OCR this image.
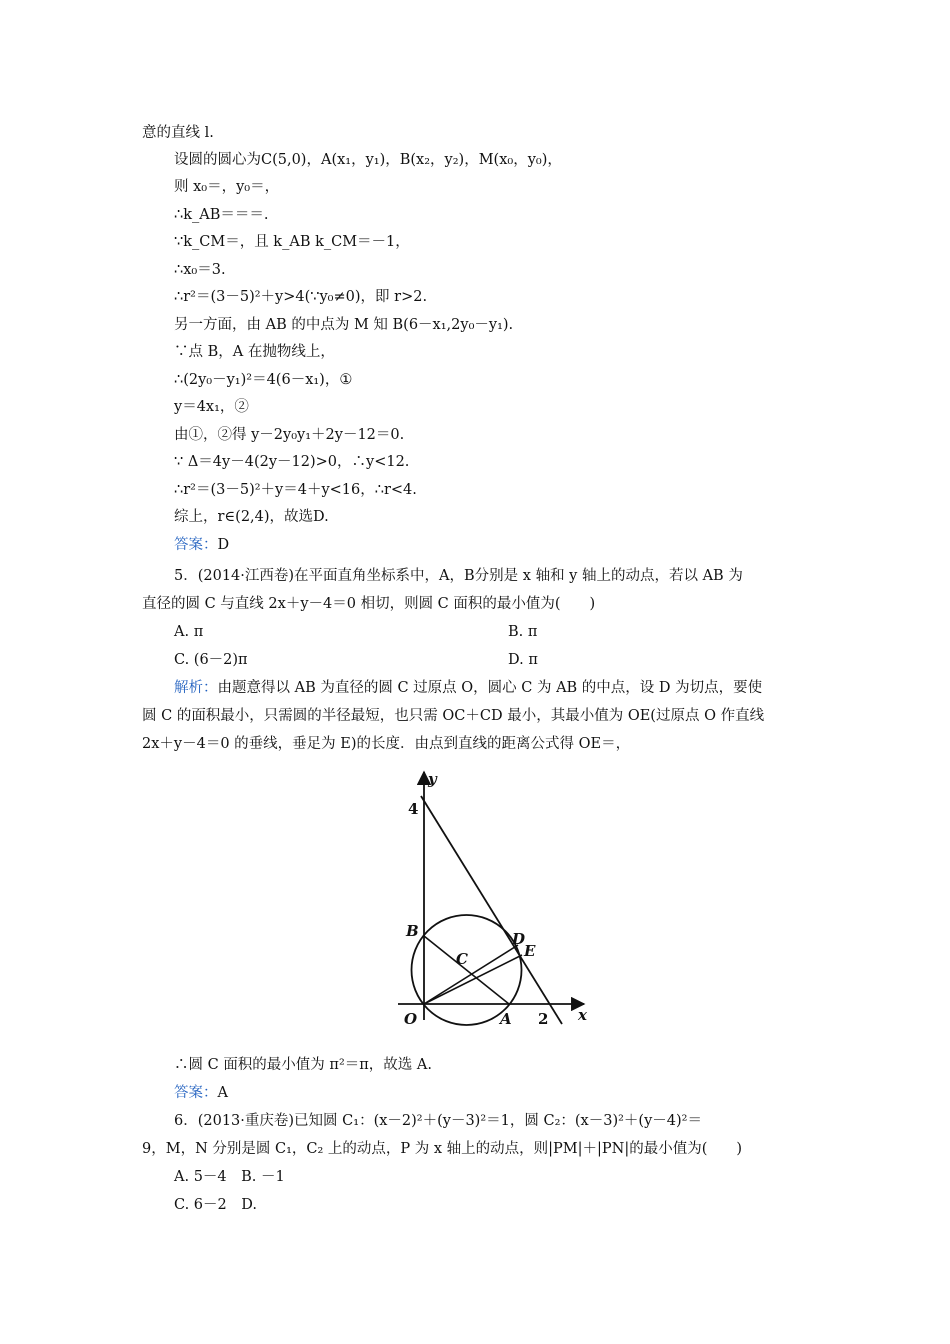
意的直线 l.
设圆的圆心为C(5,0)，A(x₁，y₁)，B(x₂，y₂)，M(x₀，y₀)，
则 x₀＝，y₀＝，
∴k_AB＝＝＝.
∵k_CM＝，且 k_AB k_CM＝－1，
∴x₀＝3.
∴r²＝(3－5)²＋y>4(∵y₀≠0)，即 r>2.
另一方面，由 AB 的中点为 M 知 B(6－x₁,2y₀－y₁).
∵点 B，A 在抛物线上，
∴(2y₀－y₁)²＝4(6－x₁)，①
y＝4x₁，②
由①，②得 y－2y₀y₁＋2y－12＝0.
∵ Δ＝4y－4(2y－12)>0，∴y<12.
∴r²＝(3－5)²＋y＝4＋y<16，∴r<4.
综上，r∈(2,4)，故选D.
答案：D
5．(2014·江西卷)在平面直角坐标系中，A，B分别是 x 轴和 y 轴上的动点，若以 AB 为
直径的圆 C 与直线 2x＋y－4＝0 相切，则圆 C 面积的最小值为(　　)
A. π	B. π
C. (6－2)π	D. π
解析：由题意得以 AB 为直径的圆 C 过原点 O，圆心 C 为 AB 的中点，设 D 为切点，要使
圆 C 的面积最小，只需圆的半径最短，也只需 OC＋CD 最小，其最小值为 OE(过原点 O 作直线
2x＋y－4＝0 的垂线，垂足为 E)的长度．由点到直线的距离公式得 OE＝，
y
4
B
C
D
E
O	A 2 x
∴圆 C 面积的最小值为 π²＝π，故选 A.
答案：A
6．(2013·重庆卷)已知圆 C₁：(x－2)²＋(y－3)²＝1，圆 C₂：(x－3)²＋(y－4)²＝
9，M，N 分别是圆 C₁，C₂ 上的动点，P 为 x 轴上的动点，则|PM|＋|PN|的最小值为(　　)
A. 5－4　B. －1
C. 6－2　D.
